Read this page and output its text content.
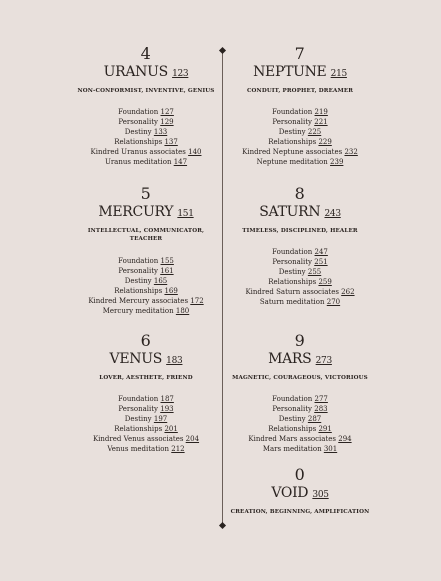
4
URANUS 123
NON-CONFORMIST, INVENTIVE, GENIUS
Foundation 127
Personality 129
Destiny 133
Relationships 137
Kindred Uranus associates 140
Uranus meditation 147
5
MERCURY 151
INTELLECTUAL, COMMUNICATOR,
TEACHER
Foundation 155
Personality 161
Destiny 165
Relationships 169
Kindred Mercury associates 172
Mercury meditation 180
6
VENUS 183
LOVER, AESTHETE, FRIEND
Foundation 187
Personality 193
Destiny 197
Relationships 201
Kindred Venus associates 204
Venus meditation 212
7
NEPTUNE 215
CONDUIT, PROPHET, DREAMER
Foundation 219
Personality 221
Destiny 225
Relationships 229
Kindred Neptune associates 232
Neptune meditation 239
8
SATURN 243
TIMELESS, DISCIPLINED, HEALER
Foundation 247
Personality 251
Destiny 255
Relationships 259
Kindred Saturn associates 262
Saturn meditation 270
9
MARS 273
MAGNETIC, COURAGEOUS, VICTORIOUS
Foundation 277
Personality 283
Destiny 287
Relationships 291
Kindred Mars associates 294
Mars meditation 301
0
VOID 305
CREATION, BEGINNING, AMPLIFICATION
